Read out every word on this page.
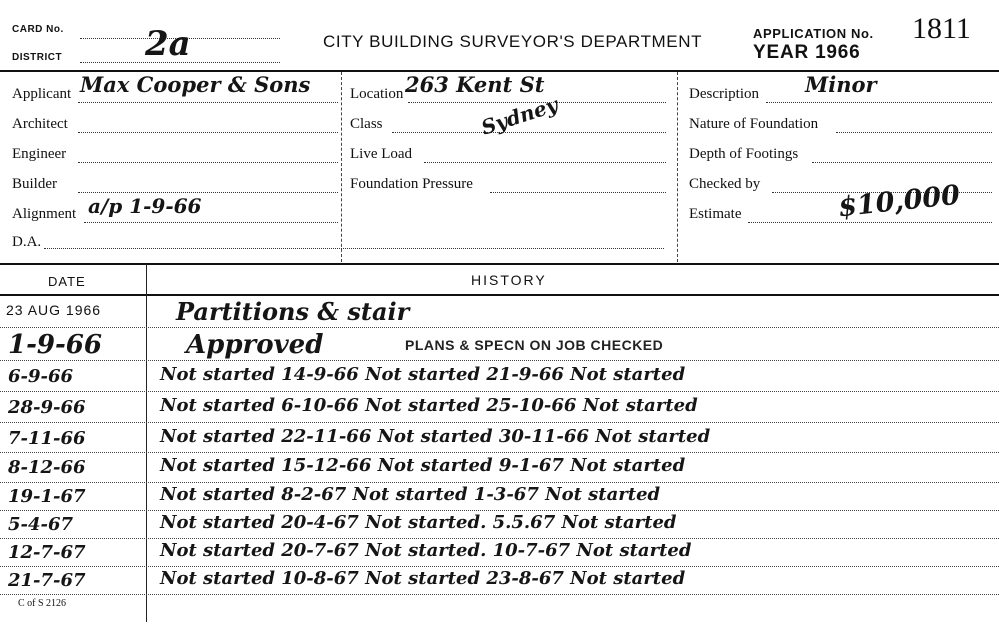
CARD No.
DISTRICT 2a	CITY BUILDING SURVEYOR'S DEPARTMENT	APPLICATION No. 1811
YEAR 1966
Applicant Max Cooper & Sons
Architect
Engineer
Builder
Alignment a/p 1-9-66
D.A.
Location 263 Kent St
Class	Sydney
Live Load
Foundation Pressure
Description Minor
Nature of Foundation
Depth of Footings
Checked by
Estimate	$10,000
DATE	HISTORY
23 AUG 1966	Partitions & stair
1-9-66	Approved	PLANS & SPECN ON JOB CHECKED
6-9-66	Not started 14-9-66 Not started 21-9-66 Not started
28-9-66	Not started 6-10-66 Not started 25-10-66 Not started
7-11-66	Not started 22-11-66 Not started 30-11-66 Not started
8-12-66	Not started 15-12-66 Not started 9-1-67 Not started
19-1-67	Not started 8-2-67 Not started 1-3-67 Not started
5-4-67	Not started 20-4-67 Not started. 5.5.67 Not started
12-7-67	Not started 20-7-67 Not started. 10-7-67 Not started
21-7-67	Not started 10-8-67 Not started 23-8-67 Not started
C of S 2126
